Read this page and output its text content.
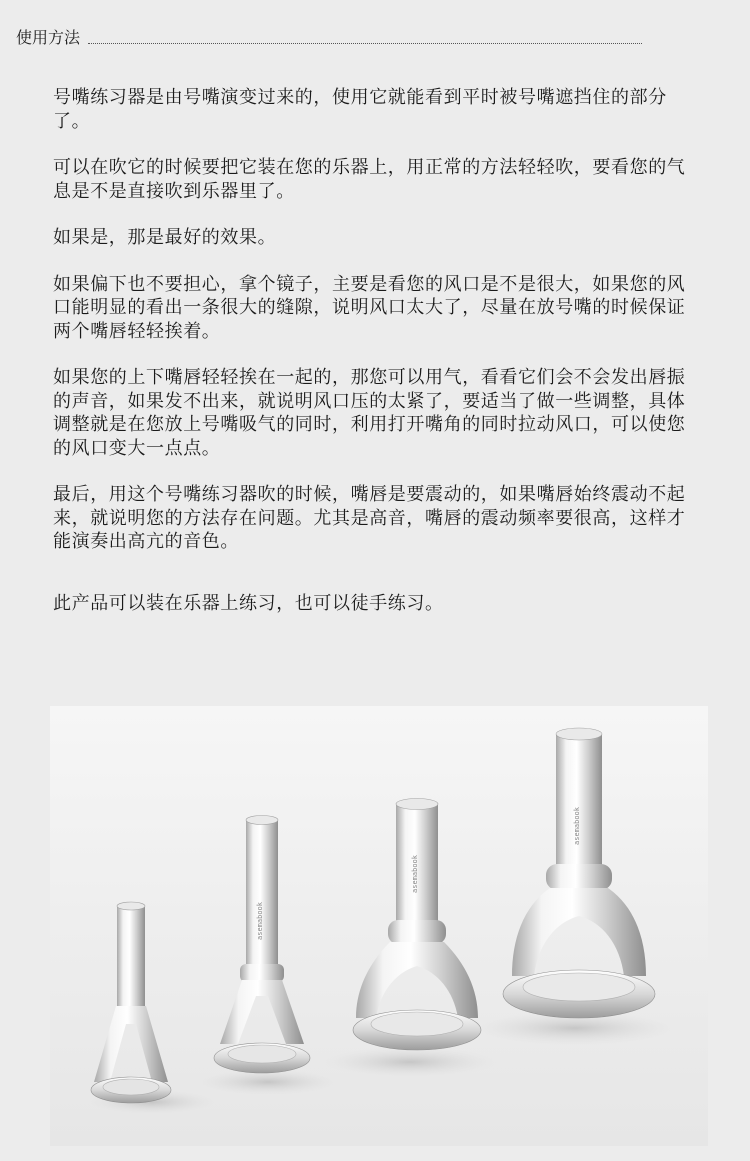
使用方法

号嘴练习器是由号嘴演变过来的，使用它就能看到平时被号嘴遮挡住的部分了。

可以在吹它的时候要把它装在您的乐器上，用正常的方法轻轻吹，要看您的气息是不是直接吹到乐器里了。

如果是，那是最好的效果。

如果偏下也不要担心，拿个镜子，主要是看您的风口是不是很大，如果您的风口能明显的看出一条很大的缝隙，说明风口太大了，尽量在放号嘴的时候保证两个嘴唇轻轻挨着。

如果您的上下嘴唇轻轻挨在一起的，那您可以用气，看看它们会不会发出唇振的声音，如果发不出来，就说明风口压的太紧了，要适当了做一些调整，具体调整就是在您放上号嘴吸气的同时，利用打开嘴角的同时拉动风口，可以使您的风口变大一点点。

最后，用这个号嘴练习器吹的时候，嘴唇是要震动的，如果嘴唇始终震动不起来，就说明您的方法存在问题。尤其是高音，嘴唇的震动频率要很高，这样才能演奏出高亢的音色。

此产品可以装在乐器上练习，也可以徒手练习。

asemabook
asemabook
asemabook
